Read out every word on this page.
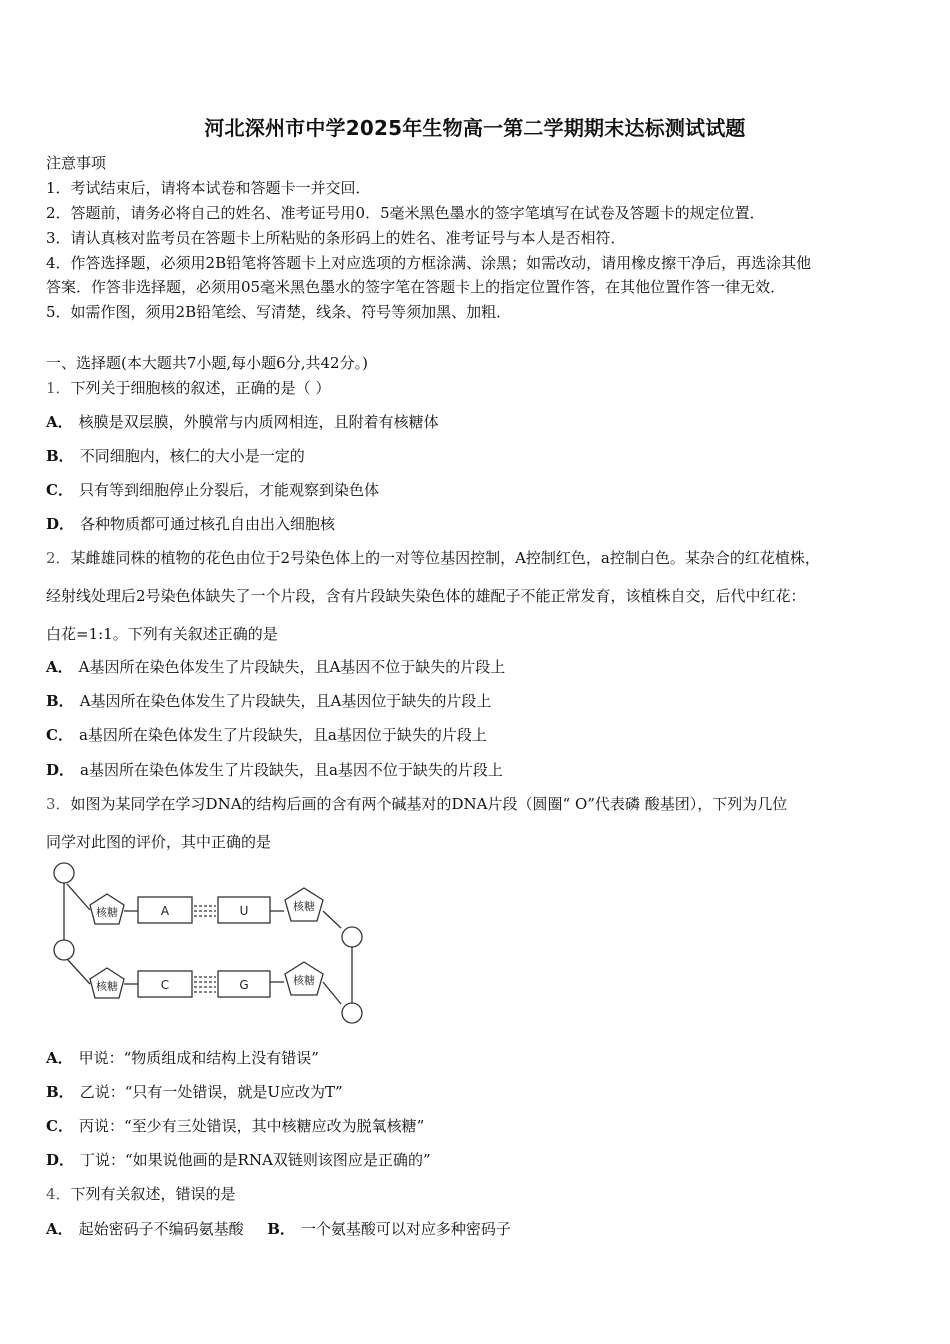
河北深州市中学2025年生物高一第二学期期末达标测试试题
注意事项
1．考试结束后，请将本试卷和答题卡一并交回．
2．答题前，请务必将自己的姓名、准考证号用0．5毫米黑色墨水的签字笔填写在试卷及答题卡的规定位置．
3．请认真核对监考员在答题卡上所粘贴的条形码上的姓名、准考证号与本人是否相符．
4．作答选择题，必须用2B铅笔将答题卡上对应选项的方框涂满、涂黑；如需改动，请用橡皮擦干净后，再选涂其他
答案．作答非选择题，必须用05毫米黑色墨水的签字笔在答题卡上的指定位置作答，在其他位置作答一律无效．
5．如需作图，须用2B铅笔绘、写清楚，线条、符号等须加黑、加粗．
一、选择题(本大题共7小题,每小题6分,共42分。)
1．下列关于细胞核的叙述，正确的是（ ）
A． 核膜是双层膜，外膜常与内质网相连，且附着有核糖体
B． 不同细胞内，核仁的大小是一定的
C． 只有等到细胞停止分裂后，才能观察到染色体
D． 各种物质都可通过核孔自由出入细胞核
2．某雌雄同株的植物的花色由位于2号染色体上的一对等位基因控制，A控制红色，a控制白色。某杂合的红花植株，
经射线处理后2号染色体缺失了一个片段，含有片段缺失染色体的雄配子不能正常发育，该植株自交，后代中红花：
白花=1:1。下列有关叙述正确的是
A． A基因所在染色体发生了片段缺失，且A基因不位于缺失的片段上
B． A基因所在染色体发生了片段缺失，且A基因位于缺失的片段上
C． a基因所在染色体发生了片段缺失，且a基因位于缺失的片段上
D． a基因所在染色体发生了片段缺失，且a基因不位于缺失的片段上
3．如图为某同学在学习DNA的结构后画的含有两个碱基对的DNA片段（圆圈“ O”代表磷 酸基团），下列为几位
同学对此图的评价，其中正确的是
核糖	核糖
核糖	核糖
A	U
C	G
A． 甲说：“物质组成和结构上没有错误”
B． 乙说：“只有一处错误，就是U应改为T”
C． 丙说：“至少有三处错误，其中核糖应改为脱氧核糖”
D． 丁说：“如果说他画的是RNA双链则该图应是正确的”
4．下列有关叙述，错误的是
A． 起始密码子不编码氨基酸 B． 一个氨基酸可以对应多种密码子
